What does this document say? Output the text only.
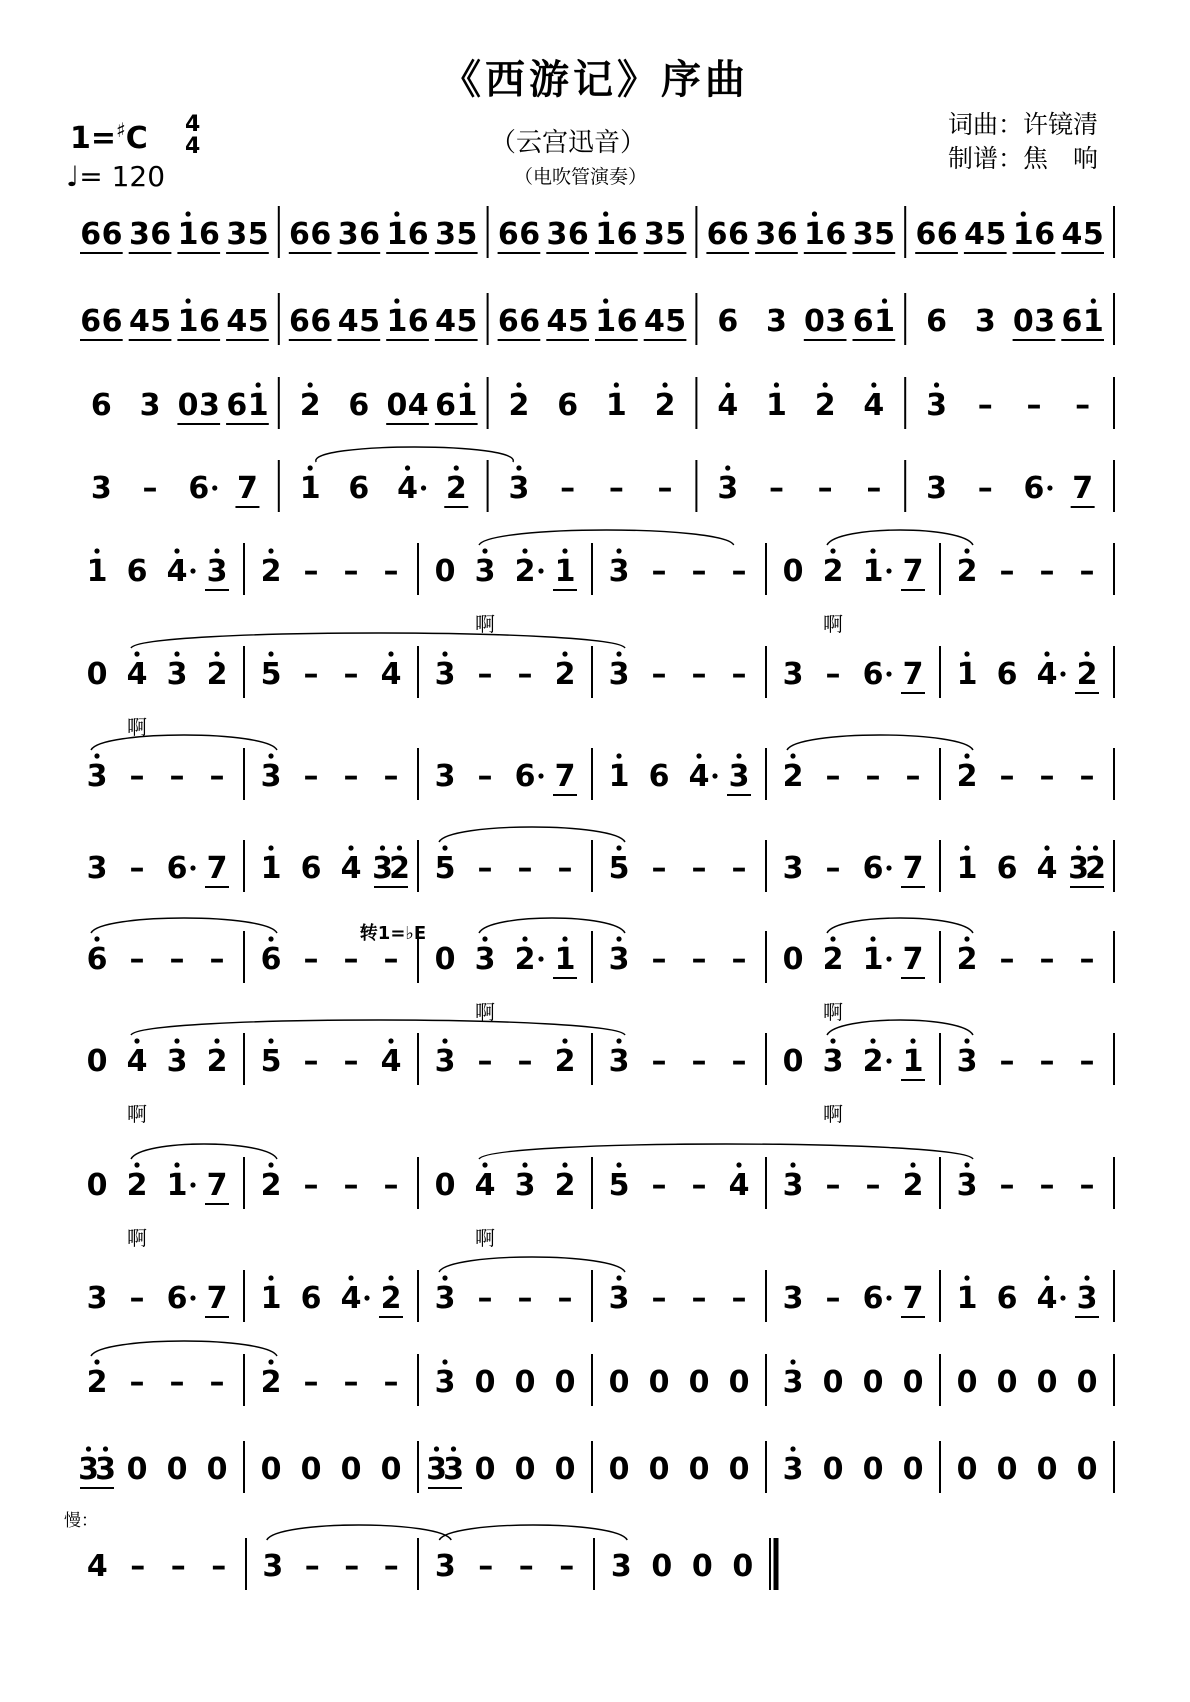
《西游记》序曲
1=♯C 4
4
♩= 120
（云宫迅音）
（电吹管演奏）
词曲：许镜清
制谱：焦　响
6 6 3 6 1 6 3 5 6 6 3 6 1 6 3 5 6 6 3 6 1 6 3 5 6 6 3 6 1 6 3 5 6 6 4 5 1 6 4 5
6 6 4 5 1 6 4 5 6 6 4 5 1 6 4 5 6 6 4 5 1 6 4 5 6 3 0 3 6 1 6 3 0 3 6 1
6 3 0 3 6 1 2 6 0 4 6 1 2 6 1 2 4 1 2 4 3 – – –
3 – 6 7 1 6 4 2 3 – – – 3 – – – 3 – 6 7
1 6 4 3 2 – – – 0 3 2 1 3 – – – 0 2 1 7 2 – – –
啊	啊
0 4 3 2 5 – – 4 3 – – 2 3 – – – 3 – 6 7 1 6 4 2
啊
3 – – – 3 – – – 3 – 6 7 1 6 4 3 2 – – – 2 – – –
3 – 6 7 1 6 4 3
2 5 – – – 5 – – – 3 – 6 7 1 6 4 3
2
6 – – – 6 – – – 0 3 2 1 3 – – – 0 2 1 7 2 – – –
啊	啊
0 4 3 2 5 – – 4 3 – – 2 3 – – – 0 3 2 1 3 – – –
啊	啊
0 2 1 7 2 – – – 0 4 3 2 5 – – 4 3 – – 2 3 – – –
啊	啊
3 – 6 7 1 6 4 2 3 – – – 3 – – – 3 – 6 7 1 6 4 3
2 – – – 2 – – – 3 0 0 0 0 0 0 0 3 0 0 0 0 0 0 0
3
3 0 0 0 0 0 0 0 3
3 0 0 0 0 0 0 0 3 0 0 0 0 0 0 0
4 – – – 3 – – – 3 – – – 3 0 0 0
转1=♭E
慢：
